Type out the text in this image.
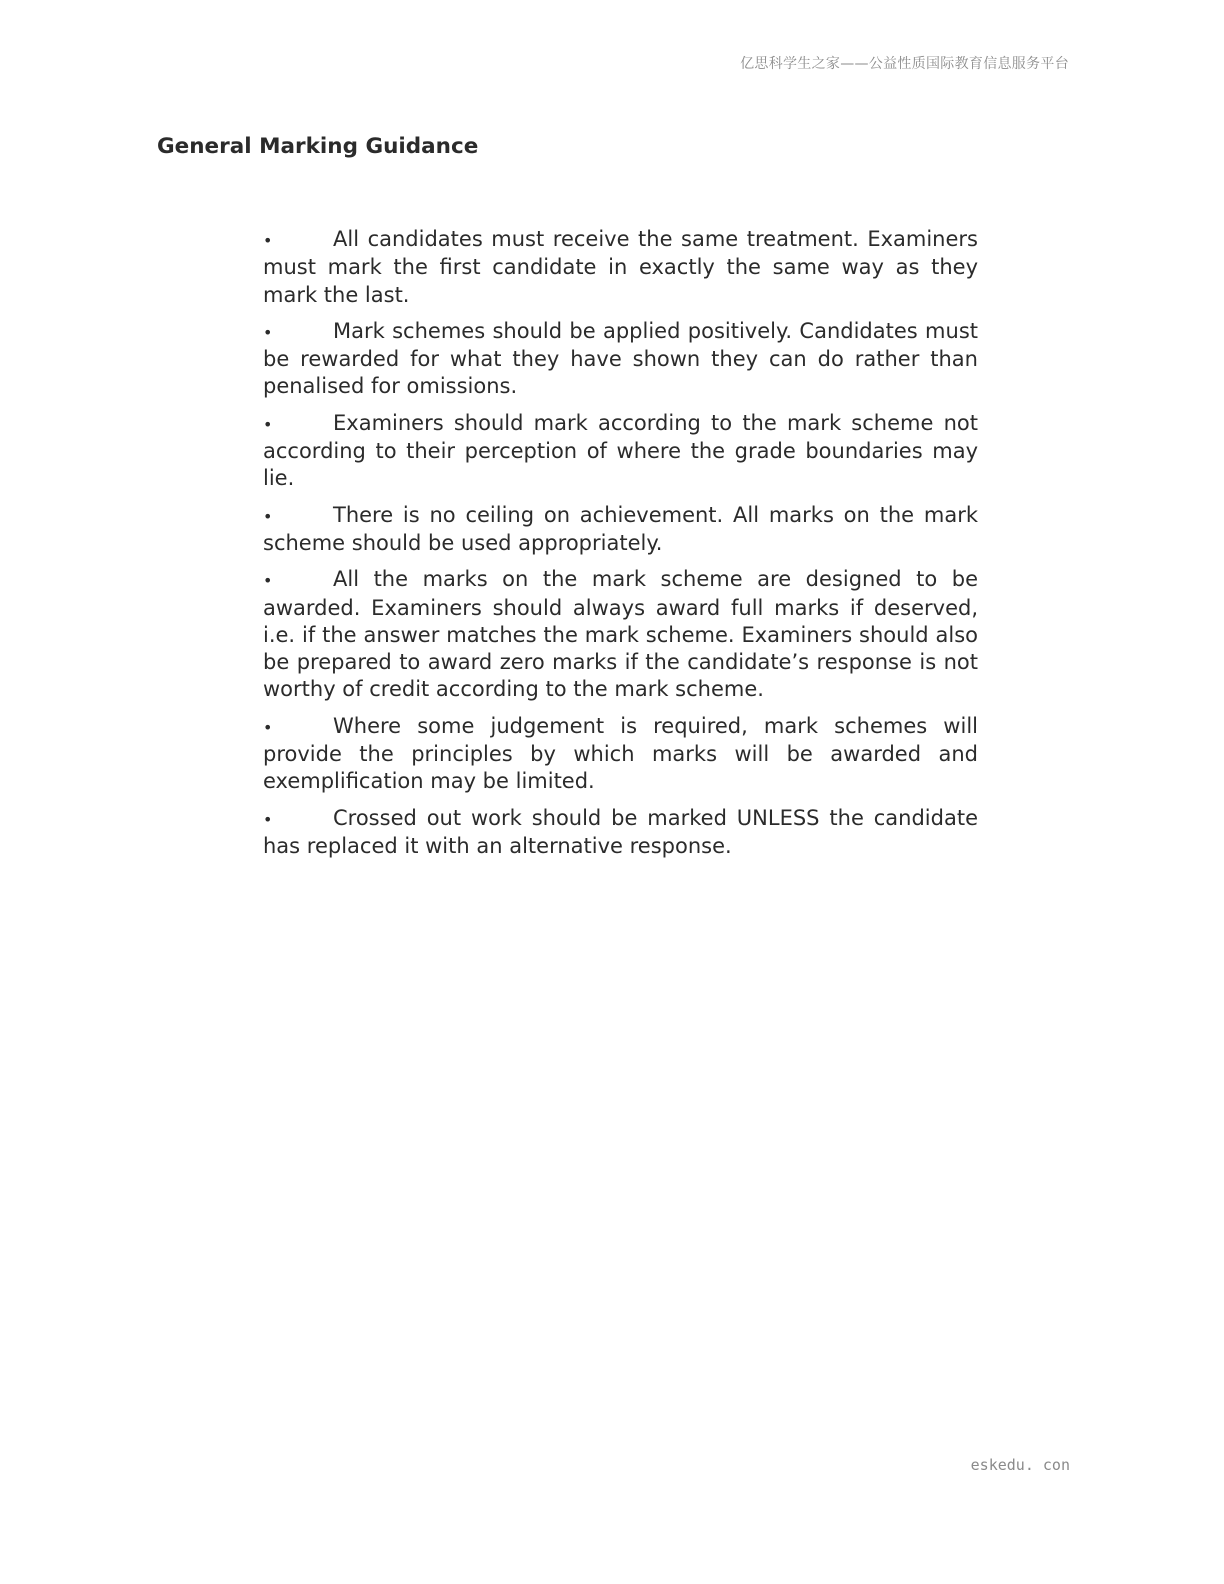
亿思科学生之家——公益性质国际教育信息服务平台
General Marking Guidance
•	All candidates must receive the same treatment. Examiners must mark the first candidate in exactly the same way as they mark the last.
•	Mark schemes should be applied positively. Candidates must be rewarded for what they have shown they can do rather than penalised for omissions.
•	Examiners should mark according to the mark scheme not according to their perception of where the grade boundaries may lie.
•	There is no ceiling on achievement. All marks on the mark scheme should be used appropriately.
•	All the marks on the mark scheme are designed to be awarded. Examiners should always award full marks if deserved, i.e. if the answer matches the mark scheme. Examiners should also be prepared to award zero marks if the candidate’s response is not worthy of credit according to the mark scheme.
•	Where some judgement is required, mark schemes will provide the principles by which marks will be awarded and exemplification may be limited.
•	Crossed out work should be marked UNLESS the candidate has replaced it with an alternative response.
eskedu. con
